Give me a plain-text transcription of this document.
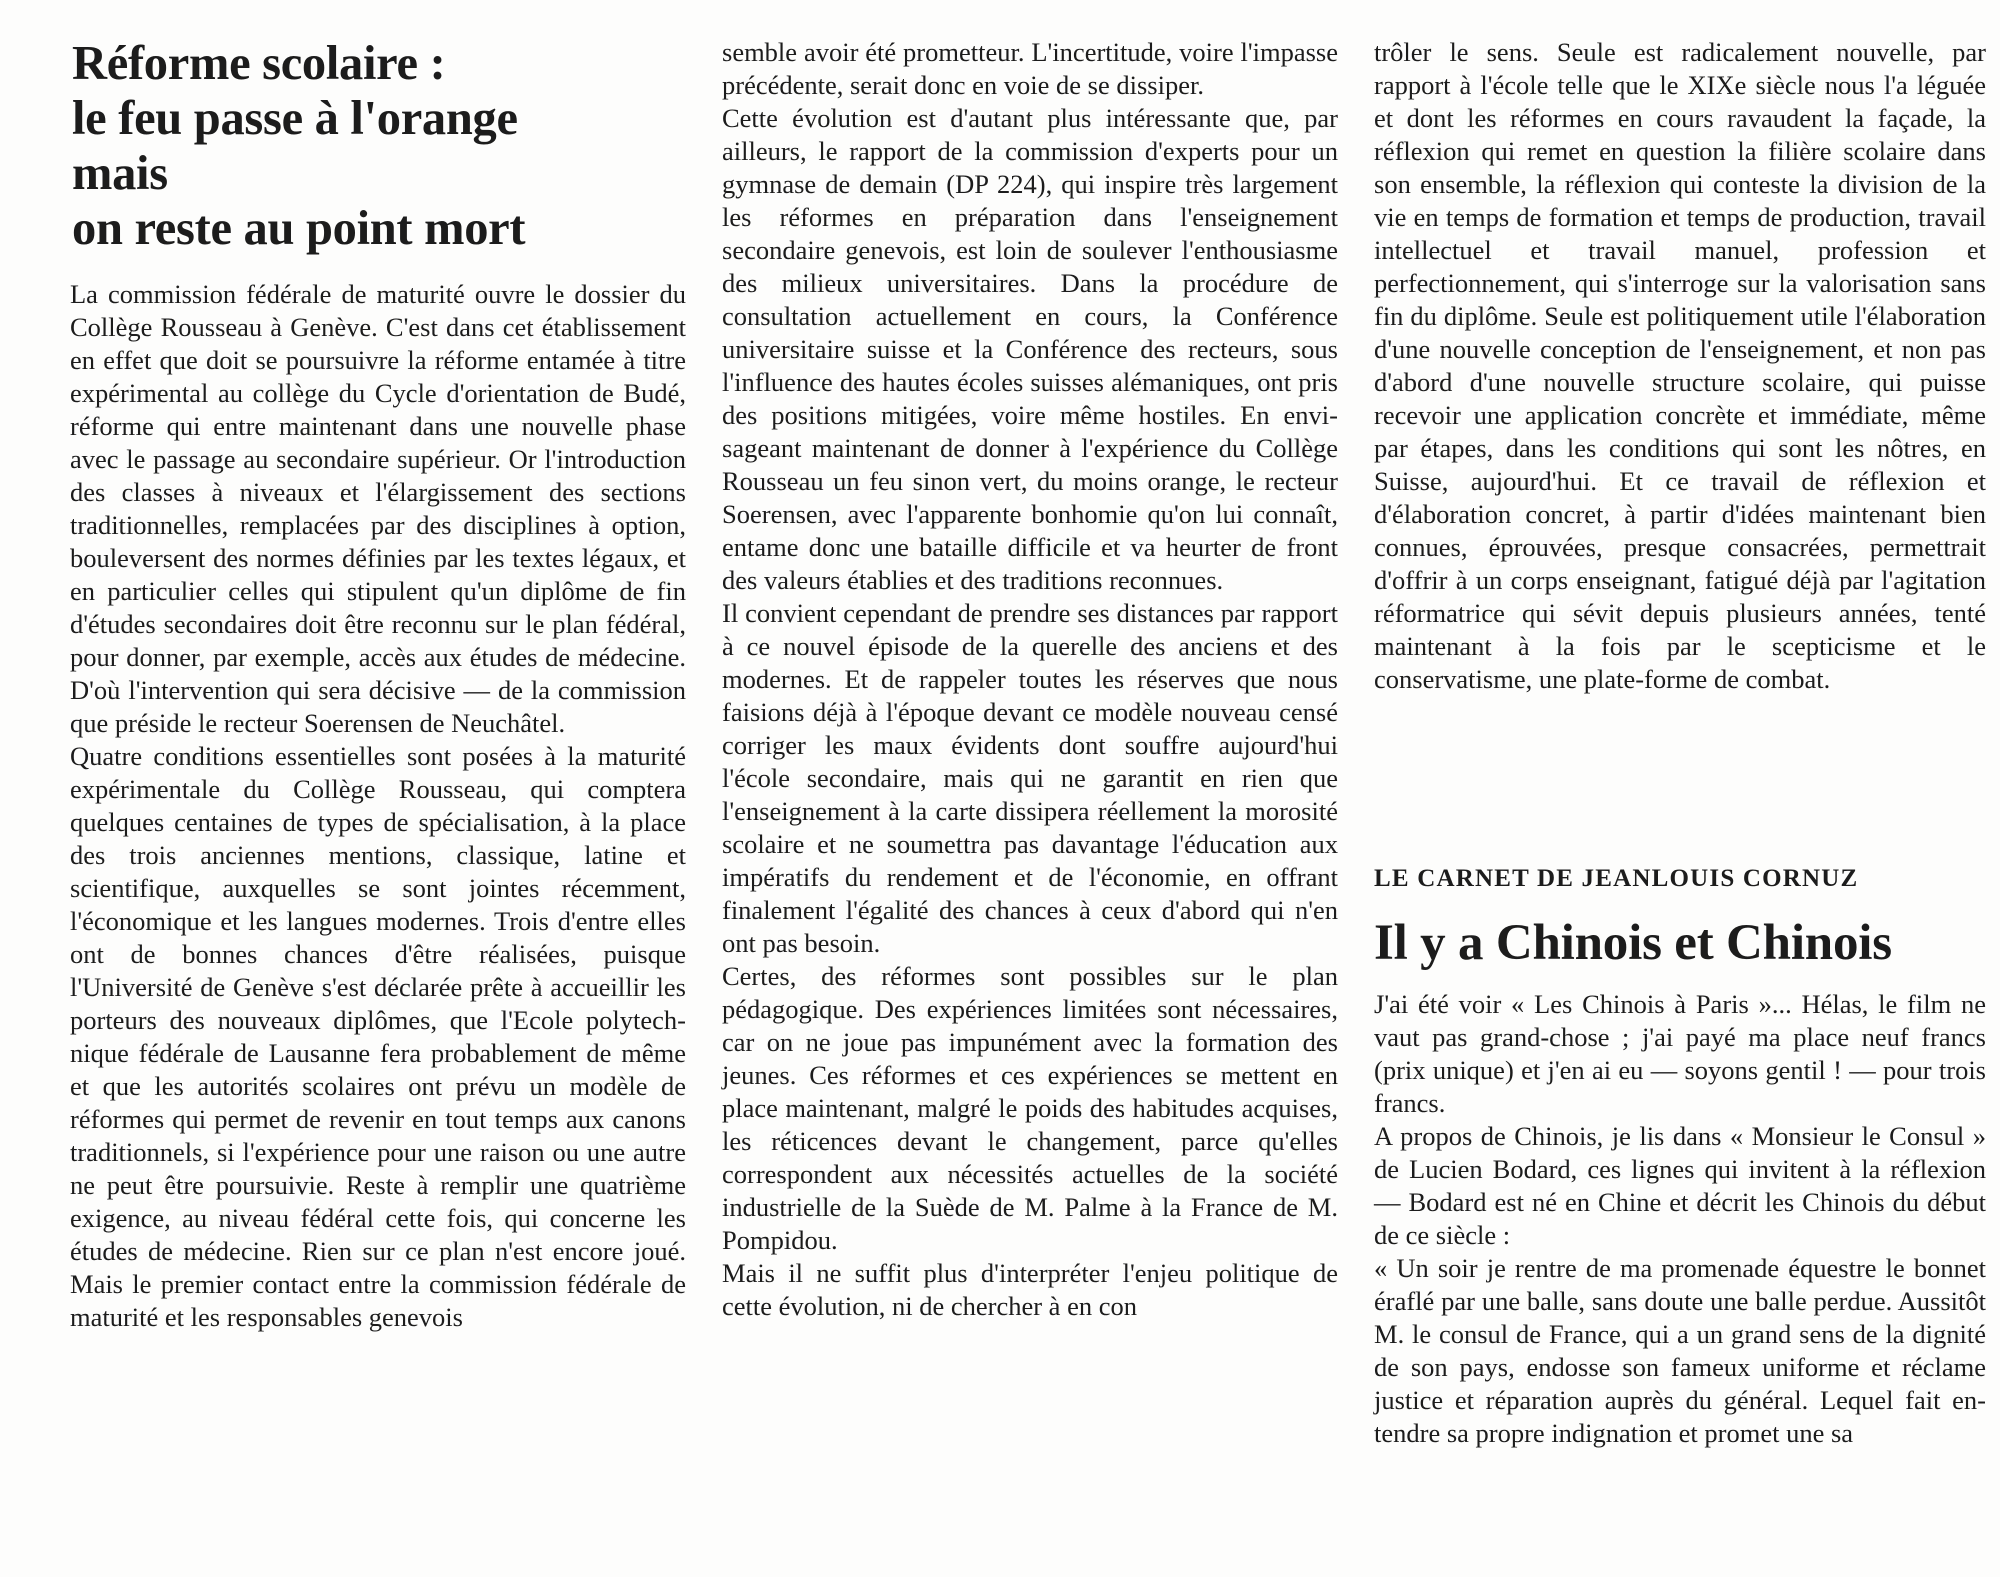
Réforme scolaire :
le feu passe à l'orange
mais
on reste au point mort

La commission fédérale de maturité ouvre le dossier du Collège Rousseau à Genève. C'est dans cet établissement en effet que doit se poursuivre la réforme entamée à titre expérimental au collège du Cycle d'orientation de Budé, réforme qui entre maintenant dans une nouvelle phase avec le passage au secondaire supérieur. Or l'introduction des classes à niveaux et l'élargissement des sections traditionnelles, remplacées par des disciplines à option, bouleversent des normes définies par les textes légaux, et en particulier celles qui stipulent qu'un diplôme de fin d'études secondaires doit être reconnu sur le plan fédéral, pour donner, par exemple, accès aux études de médecine. D'où l'intervention qui sera décisive — de la commission que préside le recteur Soerensen de Neuchâtel.

Quatre conditions essentielles sont posées à la maturité expérimentale du Collège Rousseau, qui comptera quelques centaines de types de spécialisation, à la place des trois anciennes mentions, classique, latine et scientifique, auxquelles se sont jointes récemment, l'économique et les langues modernes. Trois d'entre elles ont de bonnes chances d'être réalisées, puisque l'Université de Genève s'est déclarée prête à accueillir les porteurs des nouveaux diplômes, que l'Ecole polytechnique fédérale de Lausanne fera probablement de même et que les autorités scolaires ont prévu un modèle de réformes qui permet de revenir en tout temps aux canons traditionnels, si l'expérience pour une raison ou une autre ne peut être poursuivie. Reste à remplir une quatrième exigence, au niveau fédéral cette fois, qui concerne les études de médecine. Rien sur ce plan n'est encore joué. Mais le premier contact entre la commission fédérale de maturité et les responsables genevois

semble avoir été prometteur. L'incertitude, voire l'impasse précédente, serait donc en voie de se dissiper.

Cette évolution est d'autant plus intéressante que, par ailleurs, le rapport de la commission d'experts pour un gymnase de demain (DP 224), qui inspire très largement les réformes en préparation dans l'enseignement secondaire genevois, est loin de soulever l'enthousiasme des milieux universitaires. Dans la procédure de consultation actuellement en cours, la Conférence universitaire suisse et la Conférence des recteurs, sous l'influence des hautes écoles suisses alémaniques, ont pris des positions mitigées, voire même hostiles. En envisageant maintenant de donner à l'expérience du Collège Rousseau un feu sinon vert, du moins orange, le recteur Soerensen, avec l'apparente bonhomie qu'on lui connaît, entame donc une bataille difficile et va heurter de front des valeurs établies et des traditions reconnues.

Il convient cependant de prendre ses distances par rapport à ce nouvel épisode de la querelle des anciens et des modernes. Et de rappeler toutes les réserves que nous faisions déjà à l'époque devant ce modèle nouveau censé corriger les maux évidents dont souffre aujourd'hui l'école secondaire, mais qui ne garantit en rien que l'enseignement à la carte dissipera réellement la morosité scolaire et ne soumettra pas davantage l'éducation aux impératifs du rendement et de l'économie, en offrant finalement l'égalité des chances à ceux d'abord qui n'en ont pas besoin.

Certes, des réformes sont possibles sur le plan pédagogique. Des expériences limitées sont nécessaires, car on ne joue pas impunément avec la formation des jeunes. Ces réformes et ces expériences se mettent en place maintenant, malgré le poids des habitudes acquises, les réticences devant le changement, parce qu'elles correspondent aux nécessités actuelles de la société industrielle de la Suède de M. Palme à la France de M. Pompidou.

Mais il ne suffit plus d'interpréter l'enjeu politique de cette évolution, ni de chercher à en con

trôler le sens. Seule est radicalement nouvelle, par rapport à l'école telle que le XIXe siècle nous l'a léguée et dont les réformes en cours ravaudent la façade, la réflexion qui remet en question la filière scolaire dans son ensemble, la réflexion qui conteste la division de la vie en temps de formation et temps de production, travail intellectuel et travail manuel, profession et perfectionnement, qui s'interroge sur la valorisation sans fin du diplôme. Seule est politiquement utile l'élaboration d'une nouvelle conception de l'enseignement, et non pas d'abord d'une nouvelle structure scolaire, qui puisse recevoir une application concrète et immédiate, même par étapes, dans les conditions qui sont les nôtres, en Suisse, aujourd'hui. Et ce travail de réflexion et d'élaboration concret, à partir d'idées maintenant bien connues, éprouvées, presque consacrées, permettrait d'offrir à un corps enseignant, fatigué déjà par l'agitation réformatrice qui sévit depuis plusieurs années, tenté maintenant à la fois par le scepticisme et le conservatisme, une plate-forme de combat.

LE CARNET DE JEANLOUIS CORNUZ
Il y a Chinois et Chinois

J'ai été voir « Les Chinois à Paris »... Hélas, le film ne vaut pas grand-chose ; j'ai payé ma place neuf francs (prix unique) et j'en ai eu — soyons gentil ! — pour trois francs.

A propos de Chinois, je lis dans « Monsieur le Consul » de Lucien Bodard, ces lignes qui invitent à la réflexion — Bodard est né en Chine et décrit les Chinois du début de ce siècle :

« Un soir je rentre de ma promenade équestre le bonnet éraflé par une balle, sans doute une balle perdue. Aussitôt M. le consul de France, qui a un grand sens de la dignité de son pays, endosse son fameux uniforme et réclame justice et réparation auprès du général. Lequel fait entendre sa propre indignation et promet une sa
